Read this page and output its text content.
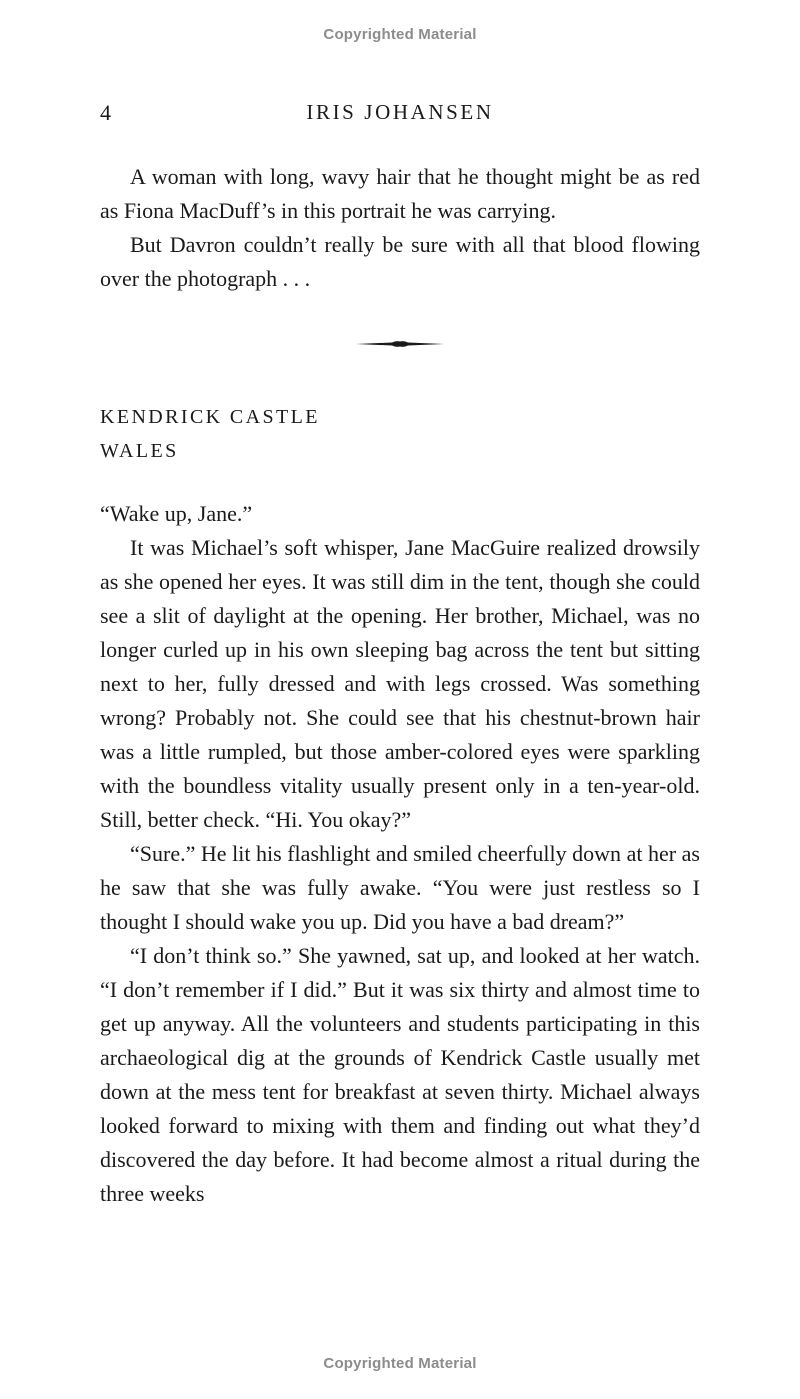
Copyrighted Material
4	IRIS JOHANSEN

A woman with long, wavy hair that he thought might be as red as Fiona MacDuff’s in this portrait he was carrying.

But Davron couldn’t really be sure with all that blood flowing over the photograph . . .

KENDRICK CASTLE
WALES

“Wake up, Jane.”

It was Michael’s soft whisper, Jane MacGuire realized drowsily as she opened her eyes. It was still dim in the tent, though she could see a slit of daylight at the opening. Her brother, Michael, was no longer curled up in his own sleeping bag across the tent but sitting next to her, fully dressed and with legs crossed. Was something wrong? Probably not. She could see that his chestnut-brown hair was a little rumpled, but those amber-colored eyes were sparkling with the boundless vitality usually present only in a ten-year-old. Still, better check. “Hi. You okay?”

“Sure.” He lit his flashlight and smiled cheerfully down at her as he saw that she was fully awake. “You were just restless so I thought I should wake you up. Did you have a bad dream?”

“I don’t think so.” She yawned, sat up, and looked at her watch. “I don’t remember if I did.” But it was six thirty and almost time to get up anyway. All the volunteers and students participating in this archaeological dig at the grounds of Kendrick Castle usually met down at the mess tent for breakfast at seven thirty. Michael always looked forward to mixing with them and finding out what they’d discovered the day before. It had become almost a ritual during the three weeks

Copyrighted Material
